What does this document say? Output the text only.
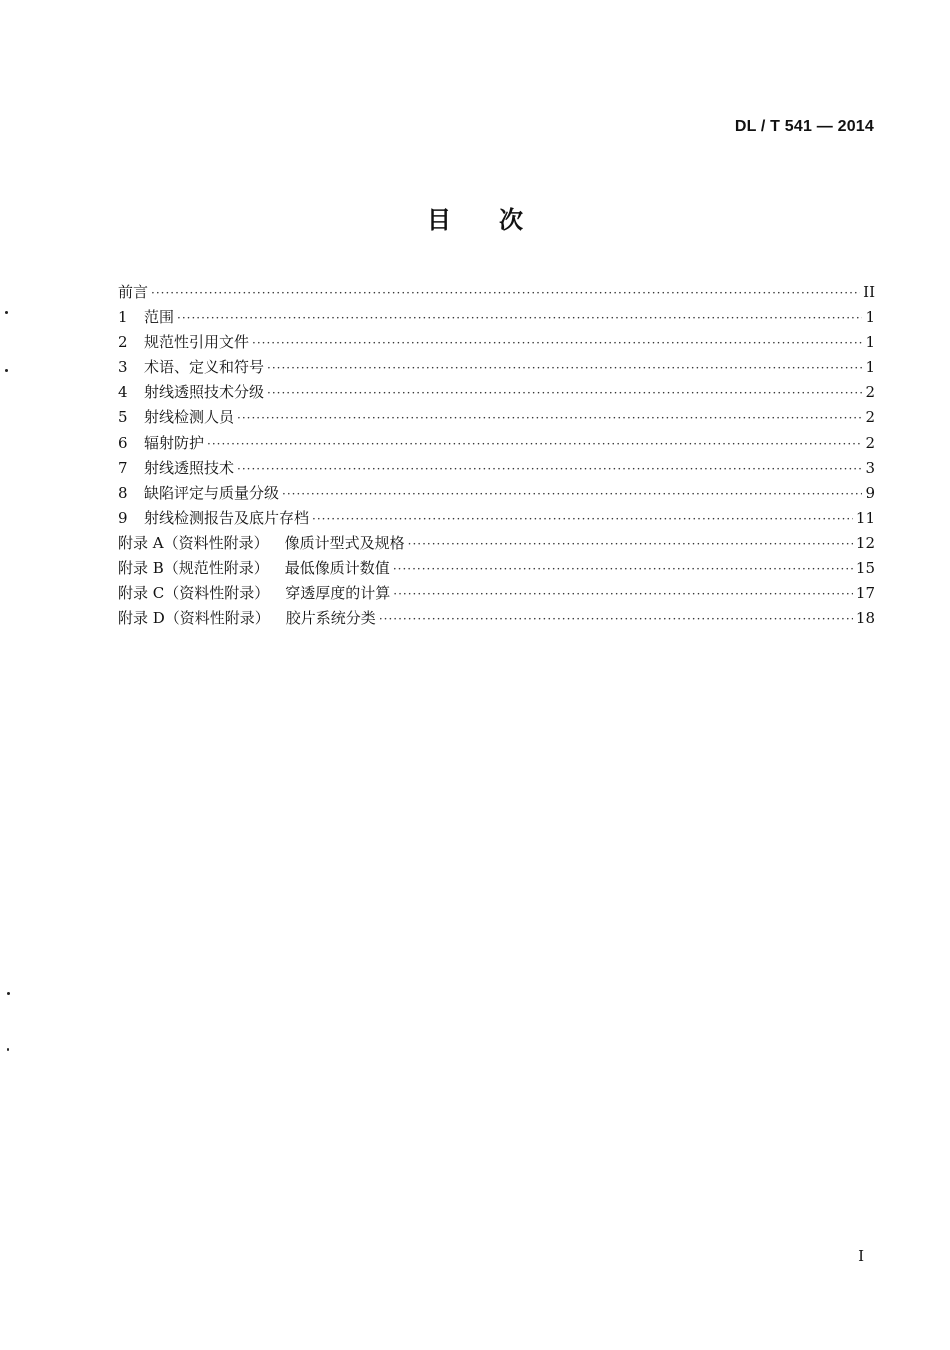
DL / T 541 — 2014
目 次
前言 ·····	II
1	范围 ·····	1
2	规范性引用文件 ·····	1
3	术语、定义和符号 ·····	1
4	射线透照技术分级 ·····	2
5	射线检测人员 ·····	2
6	辐射防护 ·····	2
7	射线透照技术 ·····	3
8	缺陷评定与质量分级 ·····	9
9	射线检测报告及底片存档 ·····	11
附录 A（资料性附录） 像质计型式及规格 ·····	12
附录 B（规范性附录） 最低像质计数值 ·····	15
附录 C（资料性附录） 穿透厚度的计算 ·····	17
附录 D（资料性附录） 胶片系统分类 ·····	18
I
